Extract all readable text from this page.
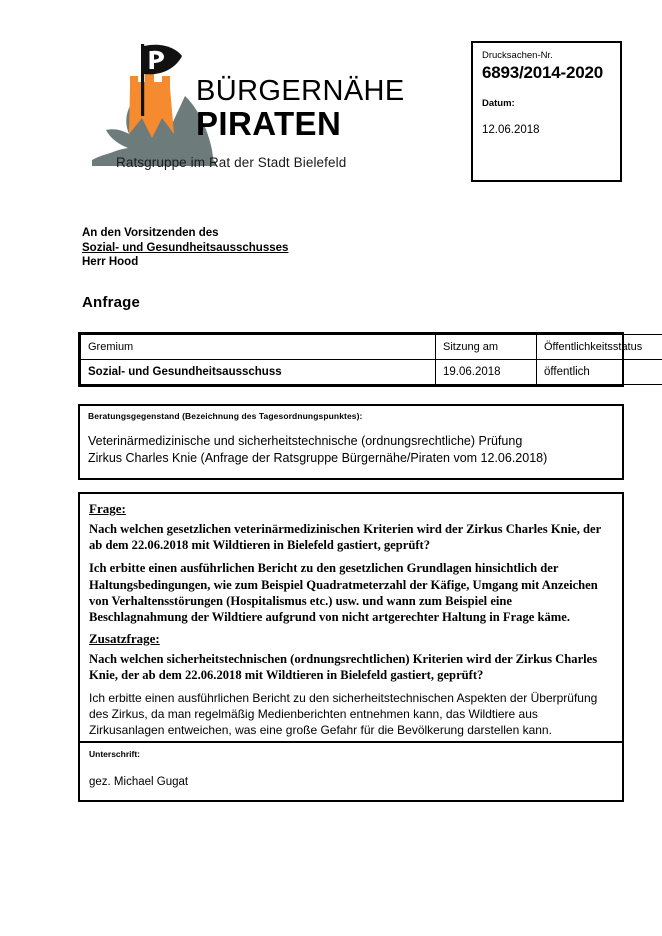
BÜRGERNÄHE
PIRATEN
Ratsgruppe im Rat der Stadt Bielefeld
Drucksachen-Nr.
6893/2014-2020
Datum:
12.06.2018
An den Vorsitzenden des
Sozial- und Gesundheitsausschusses
Herr Hood
Anfrage
Gremium	Sitzung am	Öffentlichkeitsstatus
Sozial- und Gesundheitsausschuss	19.06.2018	öffentlich
Beratungsgegenstand (Bezeichnung des Tagesordnungspunktes):
Veterinärmedizinische und sicherheitstechnische (ordnungsrechtliche) Prüfung
Zirkus Charles Knie (Anfrage der Ratsgruppe Bürgernähe/Piraten vom 12.06.2018)
Frage:

Nach welchen gesetzlichen veterinärmedizinischen Kriterien wird der Zirkus Charles Knie, der ab dem 22.06.2018 mit Wildtieren in Bielefeld gastiert, geprüft?

Ich erbitte einen ausführlichen Bericht zu den gesetzlichen Grundlagen hinsichtlich der Haltungsbedingungen, wie zum Beispiel Quadratmeterzahl der Käfige, Umgang mit Anzeichen von Verhaltensstörungen (Hospitalismus etc.) usw. und wann zum Beispiel eine Beschlagnahmung der Wildtiere aufgrund von nicht artgerechter Haltung in Frage käme.

Zusatzfrage:

Nach welchen sicherheitstechnischen (ordnungsrechtlichen) Kriterien wird der Zirkus Charles Knie, der ab dem 22.06.2018 mit Wildtieren in Bielefeld gastiert, geprüft?

Ich erbitte einen ausführlichen Bericht zu den sicherheitstechnischen Aspekten der Überprüfung des Zirkus, da man regelmäßig Medienberichten entnehmen kann, das Wildtiere aus Zirkusanlagen entweichen, was eine große Gefahr für die Bevölkerung darstellen kann.

Unterschrift:
gez. Michael Gugat
